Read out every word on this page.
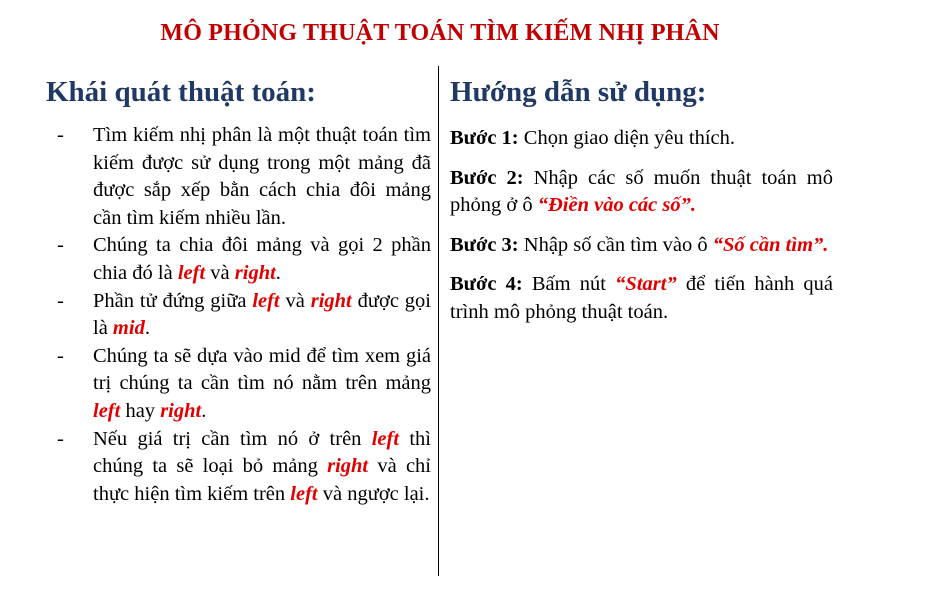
MÔ PHỎNG THUẬT TOÁN TÌM KIẾM NHỊ PHÂN
Khái quát thuật toán:	Hướng dẫn sử dụng:
- Tìm kiếm nhị phân là một thuật toán tìm kiếm được sử dụng trong một mảng đã được sắp xếp bằn cách chia đôi mảng cần tìm kiếm nhiều lần.
- Chúng ta chia đôi mảng và gọi 2 phần chia đó là left và right.
- Phần tử đứng giữa left và right được gọi là mid.
- Chúng ta sẽ dựa vào mid để tìm xem giá trị chúng ta cần tìm nó nằm trên mảng left hay right.
- Nếu giá trị cần tìm nó ở trên left thì chúng ta sẽ loại bỏ mảng right và chỉ thực hiện tìm kiếm trên left và ngược lại.

Bước 1: Chọn giao diện yêu thích.

Bước 2: Nhập các số muốn thuật toán mô phỏng ở ô “Điền vào các số”.

Bước 3: Nhập số cần tìm vào ô “Số cần tìm”.

Bước 4: Bấm nút “Start” để tiến hành quá trình mô phỏng thuật toán.
